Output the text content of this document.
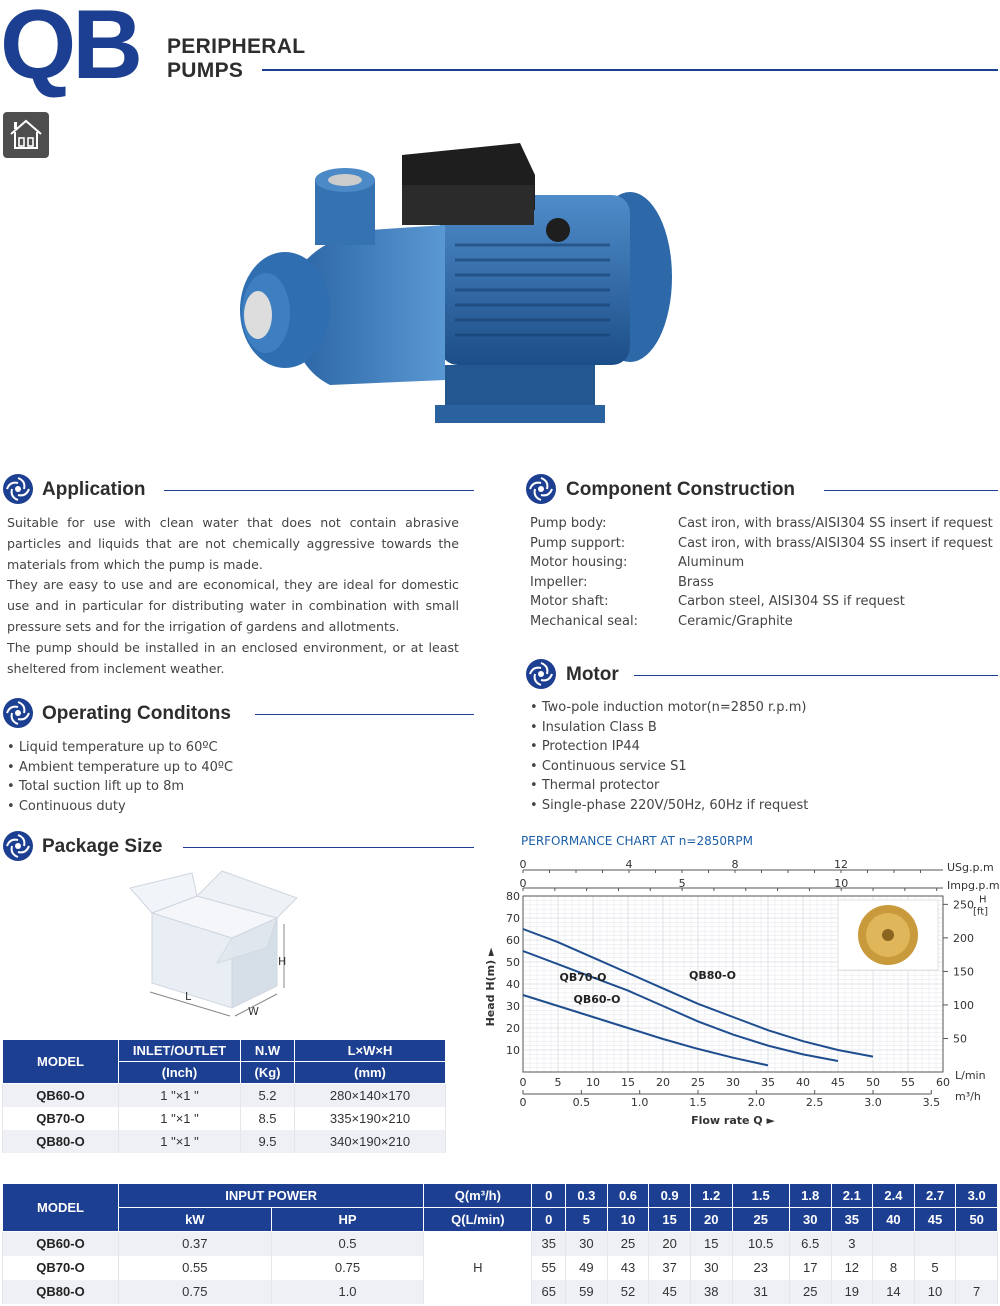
QB PERIPHERAL
PUMPS
Application

Suitable for use with clean water that does not contain abrasive particles and liquids that are not chemically aggressive towards the materials from which the pump is made.

They are easy to use and are economical, they are ideal for domestic use and in particular for distributing water in combination with small pressure sets and for the irrigation of gardens and allotments.

The pump should be installed in an enclosed environment, or at least sheltered from inclement weather.

Operating Conditons
• Liquid temperature up to 60ºC
• Ambient temperature up to 40ºC
• Total suction lift up to 8m
• Continuous duty
Package Size
H
L
W
MODEL	INLET/OUTLET	N.W	L×W×H
	(Inch)	(Kg)	(mm)
QB60-O	1 "×1 "	5.2	280×140×170
QB70-O	1 "×1 "	8.5	335×190×210
QB80-O	1 "×1 "	9.5	340×190×210
Component Construction
Pump body:	Cast iron, with brass/AISI304 SS insert if request
Pump support:	Cast iron, with brass/AISI304 SS insert if request
Motor housing:	Aluminum
Impeller:	Brass
Motor shaft:	Carbon steel, AISI304 SS if request
Mechanical seal:	Ceramic/Graphite
Motor
• Two-pole induction motor(n=2850 r.p.m)
• Insulation Class B
• Protection IP44
• Continuous service S1
• Thermal protector
• Single-phase 220V/50Hz, 60Hz if request
PERFORMANCE CHART AT n=2850RPM
0	5 10 15 20 25 30 35 40 45 50 55 60
L/min
0	0.5	1.0	1.5	2.0	2.5	3.0	3.5 m³/h
Flow rate Q ►
0	4	8	12	USg.p.m
0	5	10	Impg.p.m
10
20
30
40
50
60
70
80
Head H(m) ►
50
100
150
200
250 H
[ft]
QB60-O
QB70-O	QB80-O
MODEL	INPUT POWER		Q(m³/h)	0	0.3	0.6	0.9	1.2	1.5	1.8	2.1	2.4	2.7	3.0
	kW	HP	Q(L/min)	0	5	10	15	20	25	30	35	40	45	50
QB60-O	0.37	0.5	H	35	30	25	20	15	10.5	6.5	3			
QB70-O	0.55	0.75		55	49	43	37	30	23	17	12	8	5	
QB80-O	0.75	1.0		65	59	52	45	38	31	25	19	14	10	7
